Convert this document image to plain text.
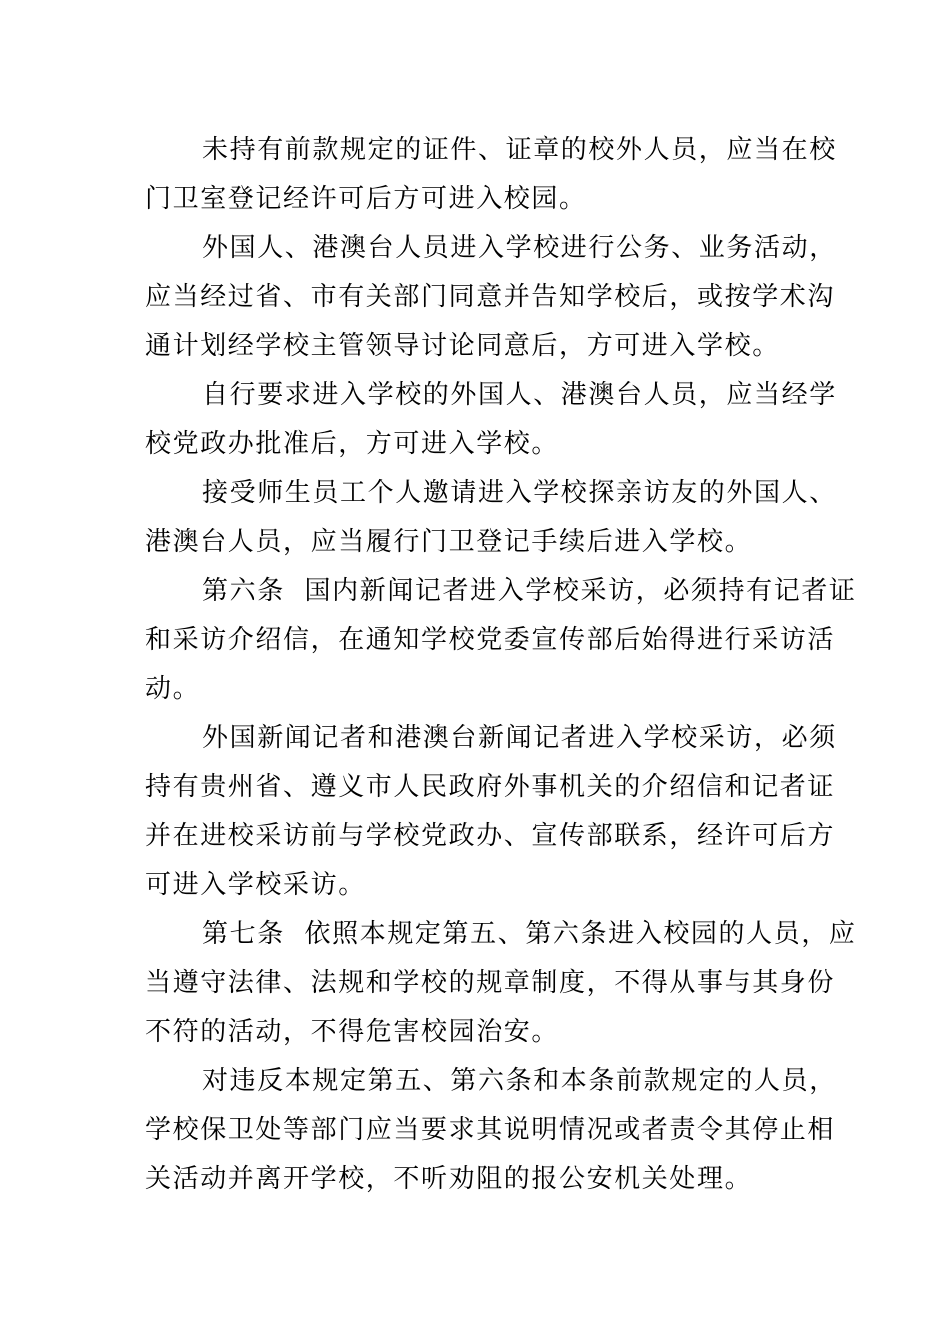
未持有前款规定的证件、证章的校外人员，应当在校
门卫室登记经许可后方可进入校园。
外国人、港澳台人员进入学校进行公务、业务活动，
应当经过省、市有关部门同意并告知学校后，或按学术沟
通计划经学校主管领导讨论同意后，方可进入学校。
自行要求进入学校的外国人、港澳台人员，应当经学
校党政办批准后，方可进入学校。
接受师生员工个人邀请进入学校探亲访友的外国人、
港澳台人员，应当履行门卫登记手续后进入学校。
第六条  国内新闻记者进入学校采访，必须持有记者证
和采访介绍信，在通知学校党委宣传部后始得进行采访活
动。
外国新闻记者和港澳台新闻记者进入学校采访，必须
持有贵州省、遵义市人民政府外事机关的介绍信和记者证
并在进校采访前与学校党政办、宣传部联系，经许可后方
可进入学校采访。
第七条  依照本规定第五、第六条进入校园的人员，应
当遵守法律、法规和学校的规章制度，不得从事与其身份
不符的活动，不得危害校园治安。
对违反本规定第五、第六条和本条前款规定的人员，
学校保卫处等部门应当要求其说明情况或者责令其停止相
关活动并离开学校，不听劝阻的报公安机关处理。
